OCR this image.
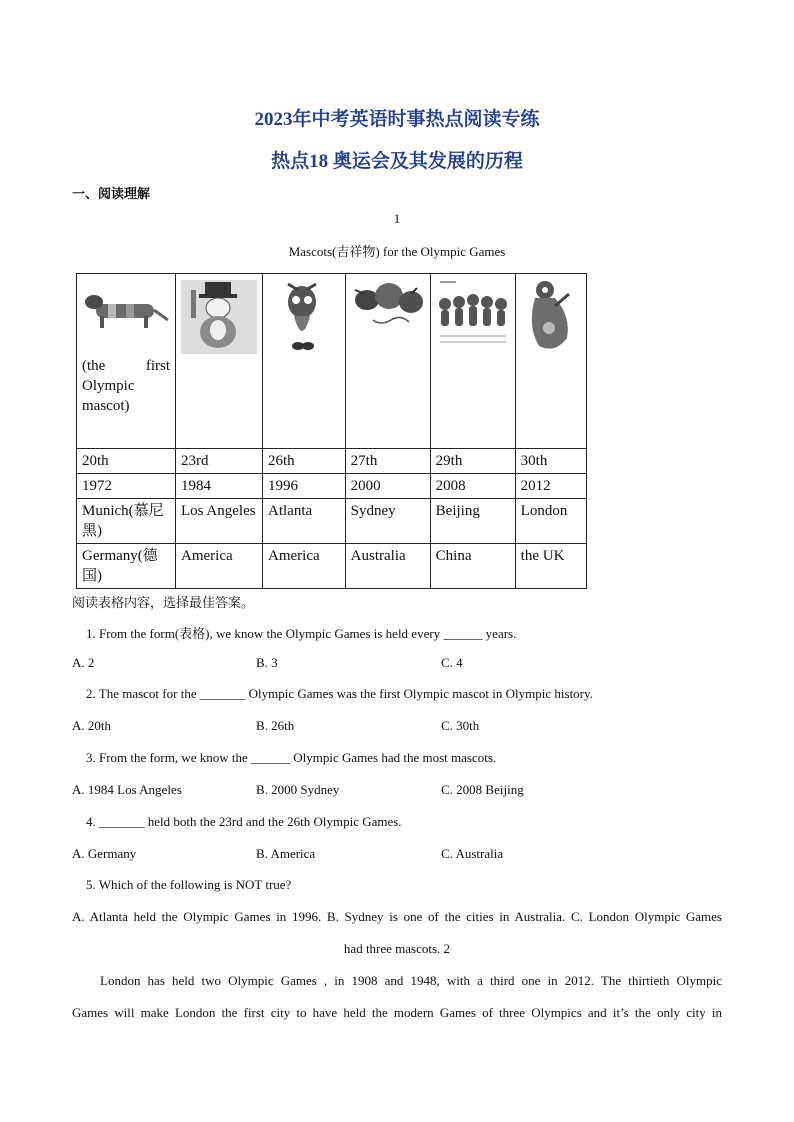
2023年中考英语时事热点阅读专练
热点18 奥运会及其发展的历程
一、阅读理解
1
Mascots(吉祥物) for the Olympic Games
(the first Olympic mascot)

20th	23rd	26th	27th	29th	30th
1972	1984	1996	2000	2008	2012
Munich(慕尼黑)	Los Angeles	Atlanta	Sydney	Beijing	London
Germany(德国)	America	America	Australia	China	the UK
阅读表格内容，选择最佳答案。
1. From the form(表格), we know the Olympic Games is held every ______ years.
A. 2	B. 3	C. 4
2. The mascot for the _______ Olympic Games was the first Olympic mascot in Olympic history.
A. 20th	B. 26th	C. 30th
3. From the form, we know the ______ Olympic Games had the most mascots.
A. 1984 Los Angeles	B. 2000 Sydney	C. 2008 Beijing
4. _______ held both the 23rd and the 26th Olympic Games.
A. Germany	B. America	C. Australia
5. Which of the following is NOT true?
A. Atlanta held the Olympic Games in 1996. B. Sydney is one of the cities in Australia. C. London Olympic Games
had three mascots. 2
London has held two Olympic Games , in 1908 and 1948, with a third one in 2012. The thirtieth Olympic
Games will make London the first city to have held the modern Games of three Olympics and it’s the only city in
